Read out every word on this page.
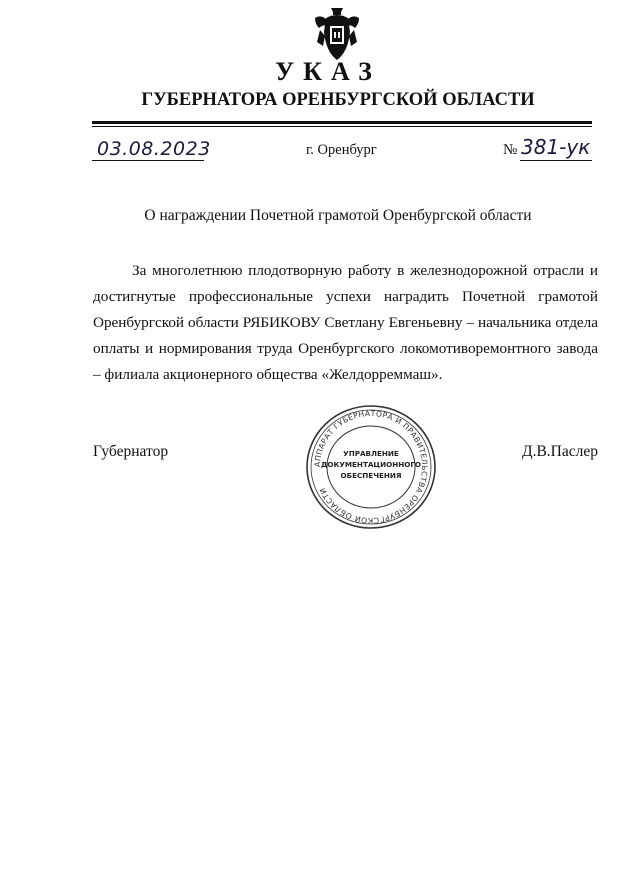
УКАЗ
ГУБЕРНАТОРА ОРЕНБУРГСКОЙ ОБЛАСТИ
03.08.2023	г. Оренбург	№ 381-ук
О награждении Почетной грамотой Оренбургской области

За многолетнюю плодотворную работу в железнодорожной отрасли и достигнутые профессиональные успехи наградить Почетной грамотой Оренбургской области РЯБИКОВУ Светлану Евгеньевну – начальника отдела оплаты и нормирования труда Оренбургского локомотиворемонтного завода – филиала акционерного общества «Желдорреммаш».

Губернатор	Д.В.Паслер
АППАРАТ ГУБЕРНАТОРА И ПРАВИТЕЛЬСТВА ОРЕНБУРГСКОЙ ОБЛАСТИ
УПРАВЛЕНИЕ
ДОКУМЕНТАЦИОННОГО
ОБЕСПЕЧЕНИЯ
